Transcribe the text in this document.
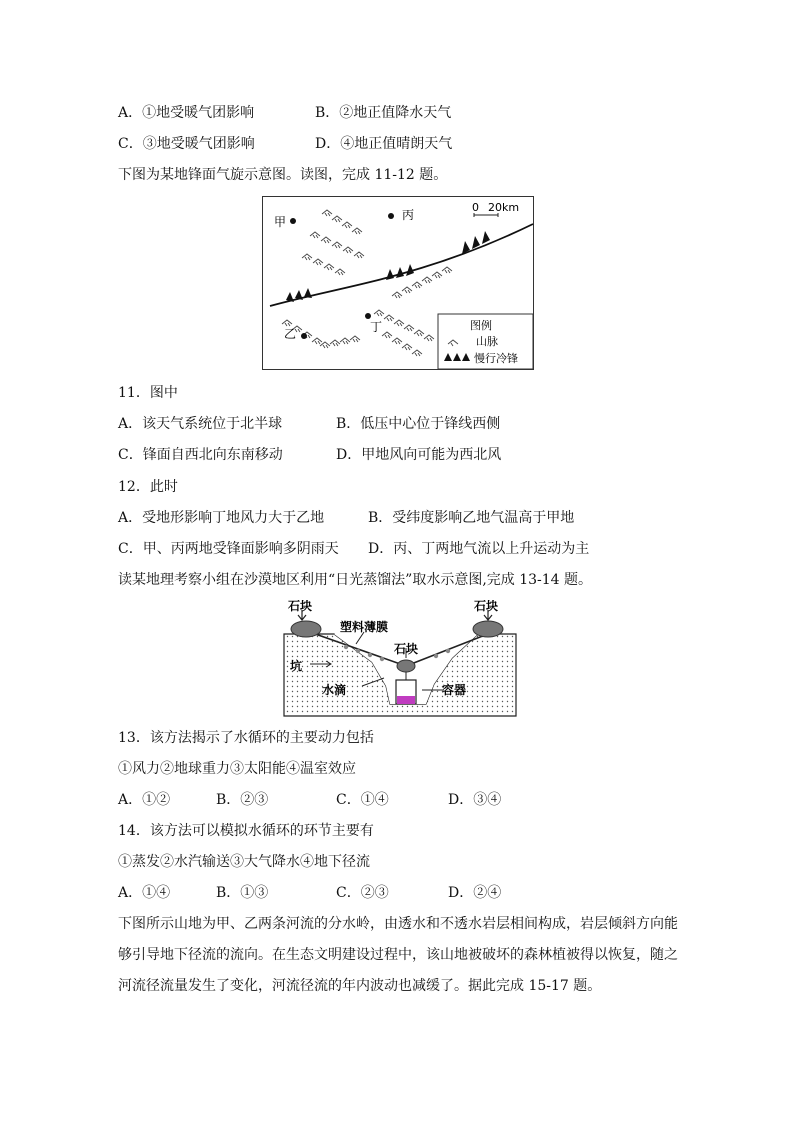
A．①地受暖气团影响	B．②地正值降水天气
C．③地受暖气团影响	D．④地正值晴朗天气
下图为某地锋面气旋示意图。读图，完成 11-12 题。
0 20km
甲	丙
乙	丁	图例
山脉
慢行冷锋
11．图中
A．该天气系统位于北半球	B．低压中心位于锋线西侧
C．锋面自西北向东南移动	D．甲地风向可能为西北风
12．此时
A．受地形影响丁地风力大于乙地	B．受纬度影响乙地气温高于甲地
C．甲、丙两地受锋面影响多阴雨天 D．丙、丁两地气流以上升运动为主
读某地理考察小组在沙漠地区利用“日光蒸馏法”取水示意图,完成 13-14 题。
石块	石块
塑料薄膜
石块
坑
水滴	容器
13．该方法揭示了水循环的主要动力包括
①风力②地球重力③太阳能④温室效应
A．①②	B．②③	C．①④	D．③④
14．该方法可以模拟水循环的环节主要有
①蒸发②水汽输送③大气降水④地下径流
A．①④	B．①③	C．②③	D．②④
下图所示山地为甲、乙两条河流的分水岭，由透水和不透水岩层相间构成，岩层倾斜方向能
够引导地下径流的流向。在生态文明建设过程中，该山地被破坏的森林植被得以恢复，随之
河流径流量发生了变化，河流径流的年内波动也减缓了。据此完成 15-17 题。
